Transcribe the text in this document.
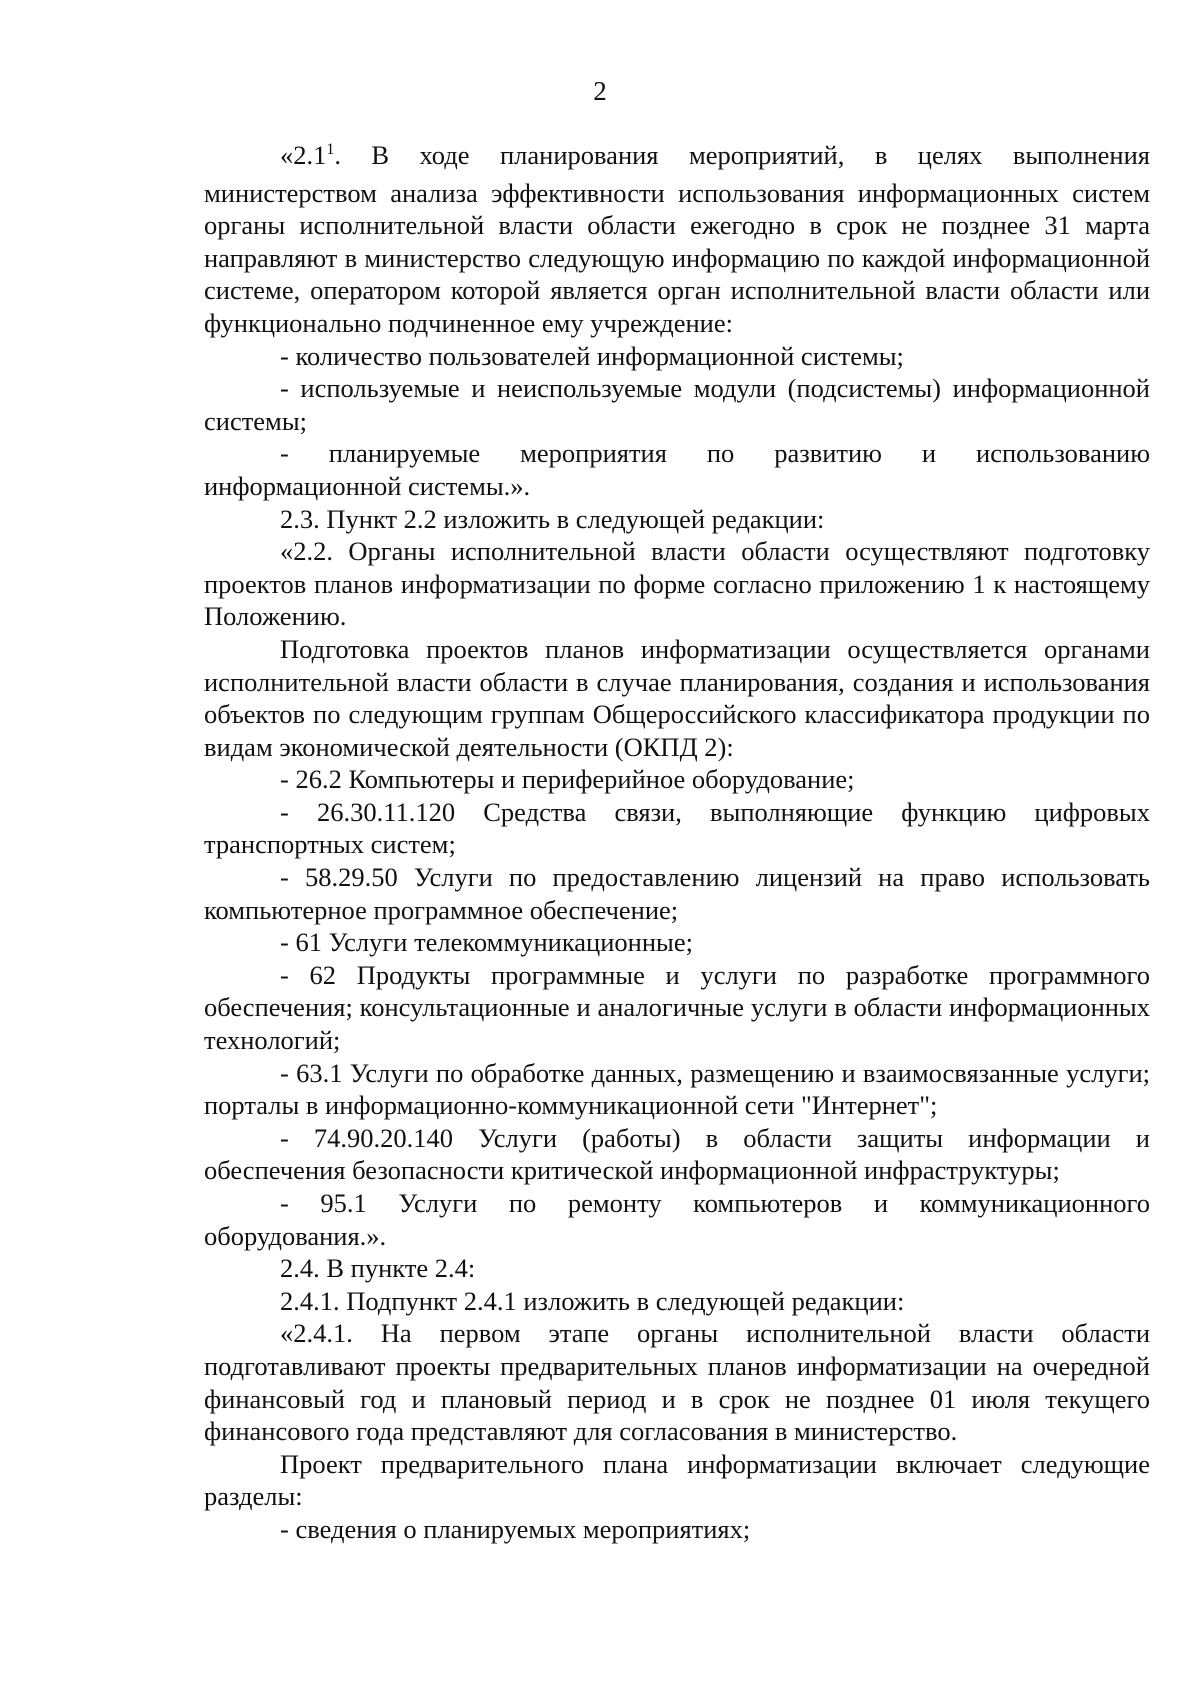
2

«$2.1^1$. В ходе планирования мероприятий, в целях выполнения министерством анализа эффективности использования информационных систем органы исполнительной власти области ежегодно в срок не позднее 31 марта направляют в министерство следующую информацию по каждой информационной системе, оператором которой является орган исполнительной власти области или функционально подчиненное ему учреждение:

- количество пользователей информационной системы;

- используемые и неиспользуемые модули (подсистемы) информационной системы;

- планируемые мероприятия по развитию и использованию информационной системы.».

2.3. Пункт 2.2 изложить в следующей редакции:

«2.2. Органы исполнительной власти области осуществляют подготовку проектов планов информатизации по форме согласно приложению 1 к настоящему Положению.

Подготовка проектов планов информатизации осуществляется органами исполнительной власти области в случае планирования, создания и использования объектов по следующим группам Общероссийского классификатора продукции по видам экономической деятельности (ОКПД 2):

- 26.2 Компьютеры и периферийное оборудование;

- 26.30.11.120 Средства связи, выполняющие функцию цифровых транспортных систем;

- 58.29.50 Услуги по предоставлению лицензий на право использовать компьютерное программное обеспечение;

- 61 Услуги телекоммуникационные;

- 62 Продукты программные и услуги по разработке программного обеспечения; консультационные и аналогичные услуги в области информационных технологий;

- 63.1 Услуги по обработке данных, размещению и взаимосвязанные услуги; порталы в информационно-коммуникационной сети "Интернет";

- 74.90.20.140 Услуги (работы) в области защиты информации и обеспечения безопасности критической информационной инфраструктуры;

- 95.1 Услуги по ремонту компьютеров и коммуникационного оборудования.».

2.4. В пункте 2.4:

2.4.1. Подпункт 2.4.1 изложить в следующей редакции:

«2.4.1. На первом этапе органы исполнительной власти области подготавливают проекты предварительных планов информатизации на очередной финансовый год и плановый период и в срок не позднее 01 июля текущего финансового года представляют для согласования в министерство.

Проект предварительного плана информатизации включает следующие разделы:

- сведения о планируемых мероприятиях;
